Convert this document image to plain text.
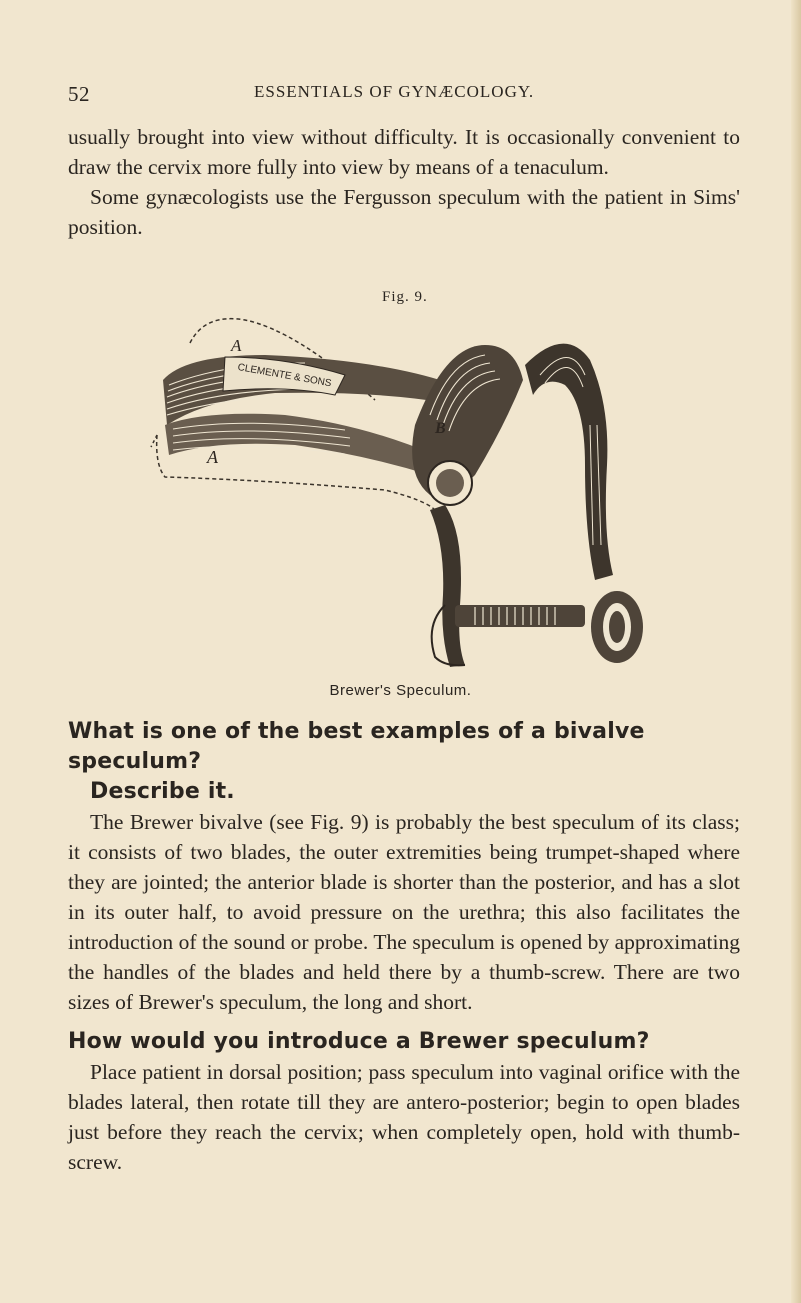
52	ESSENTIALS OF GYNÆCOLOGY.

usually brought into view without difficulty. It is occasionally convenient to draw the cervix more fully into view by means of a tenaculum.

Some gynæcologists use the Fergusson speculum with the patient in Sims' position.

Fig. 9.
CLEMENTE & SONS
A
A
B
Brewer's Speculum.
What is one of the best examples of a bivalve speculum?
Describe it.

The Brewer bivalve (see Fig. 9) is probably the best speculum of its class; it consists of two blades, the outer extremities being trumpet-shaped where they are jointed; the anterior blade is shorter than the posterior, and has a slot in its outer half, to avoid pressure on the urethra; this also facilitates the introduction of the sound or probe. The speculum is opened by approximating the handles of the blades and held there by a thumb-screw. There are two sizes of Brewer's speculum, the long and short.

How would you introduce a Brewer speculum?

Place patient in dorsal position; pass speculum into vaginal orifice with the blades lateral, then rotate till they are antero-posterior; begin to open blades just before they reach the cervix; when completely open, hold with thumb-screw.
